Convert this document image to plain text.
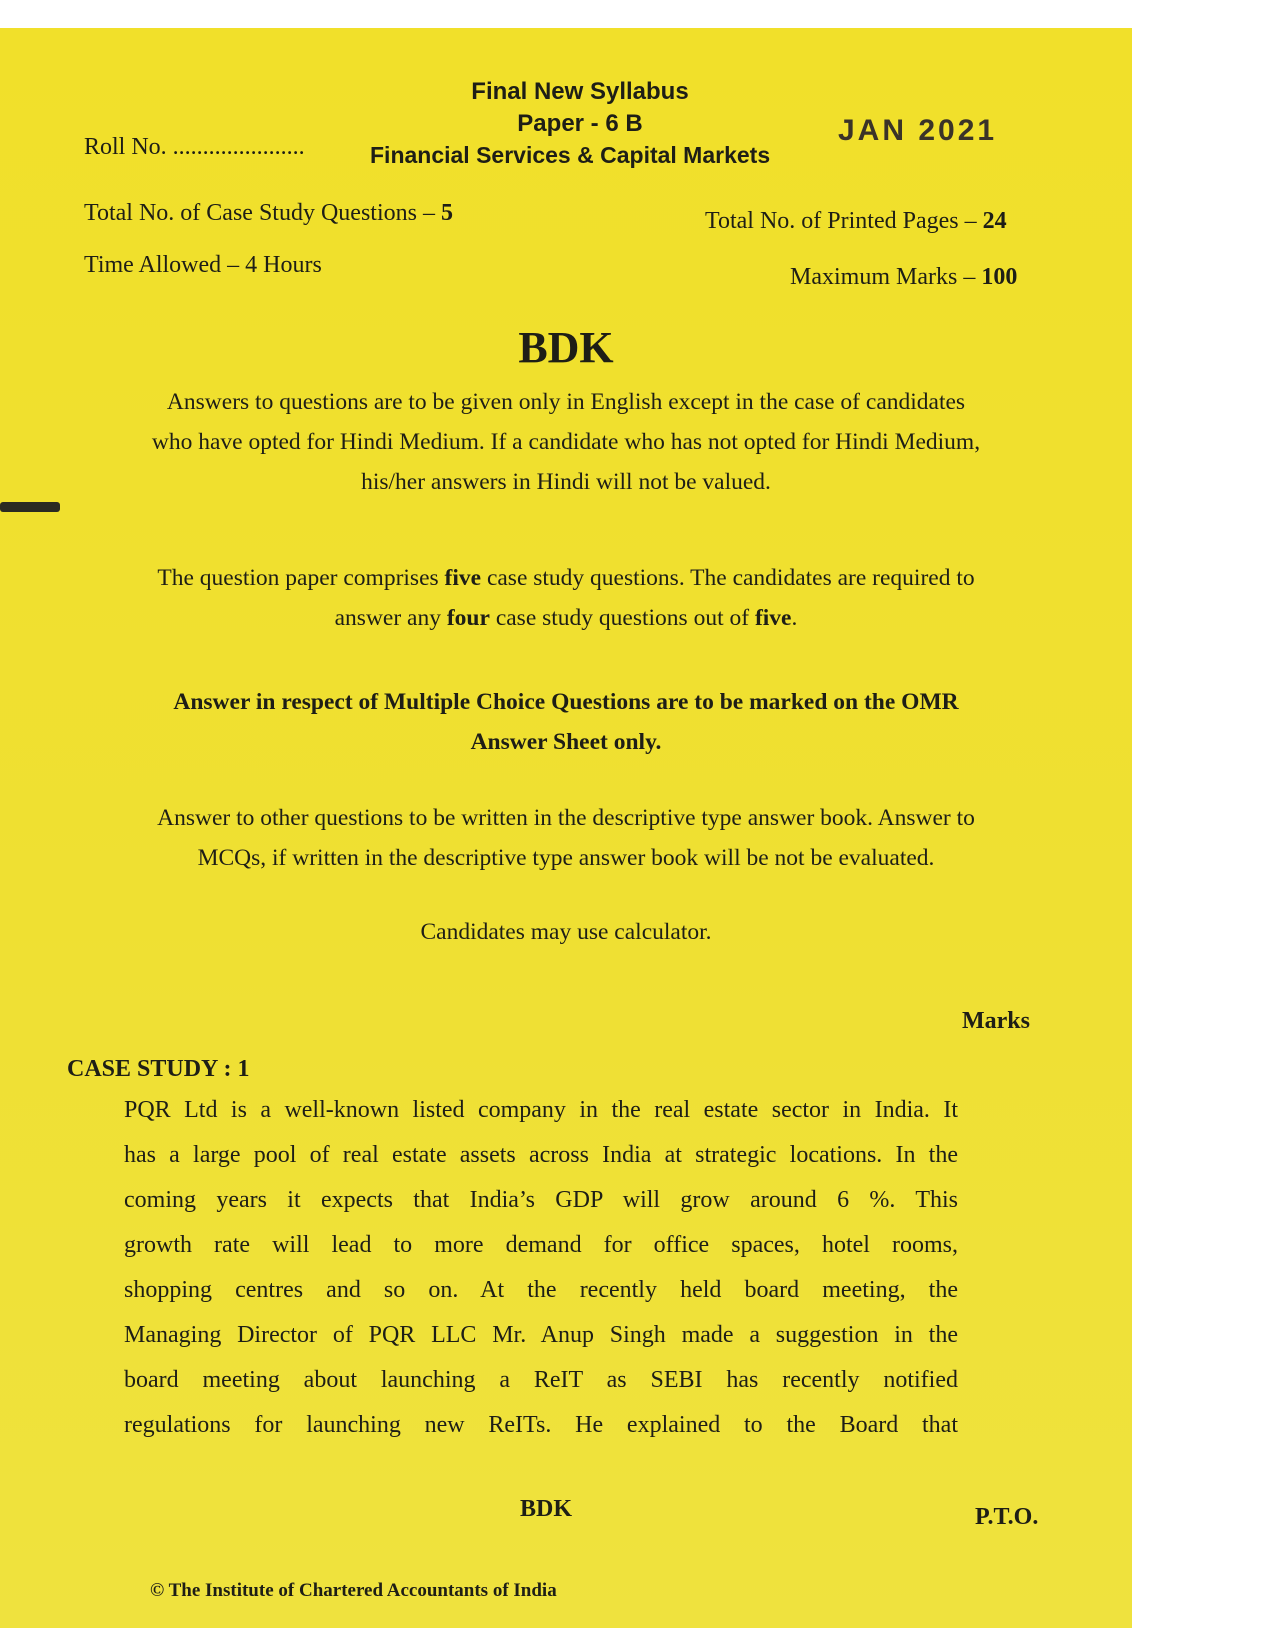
Final New Syllabus
Paper - 6 B
Roll No. ......................	Financial Services & Capital Markets
JAN 2021
Total No. of Case Study Questions – 5	Total No. of Printed Pages – 24
Time Allowed – 4 Hours	Maximum Marks – 100
BDK
Answers to questions are to be given only in English except in the case of candidates
who have opted for Hindi Medium. If a candidate who has not opted for Hindi Medium,
his/her answers in Hindi will not be valued.
The question paper comprises five case study questions. The candidates are required to
answer any four case study questions out of five.
Answer in respect of Multiple Choice Questions are to be marked on the OMR
Answer Sheet only.
Answer to other questions to be written in the descriptive type answer book. Answer to
MCQs, if written in the descriptive type answer book will be not be evaluated.
Candidates may use calculator.
Marks
CASE STUDY : 1
PQR Ltd is a well-known listed company in the real estate sector in India. It
has a large pool of real estate assets across India at strategic locations. In the
coming years it expects that India’s GDP will grow around 6 %. This
growth rate will lead to more demand for office spaces, hotel rooms,
shopping centres and so on. At the recently held board meeting, the
Managing Director of PQR LLC Mr. Anup Singh made a suggestion in the
board meeting about launching a ReIT as SEBI has recently notified
regulations for launching new ReITs. He explained to the Board that
BDK	P.T.O.
© The Institute of Chartered Accountants of India
